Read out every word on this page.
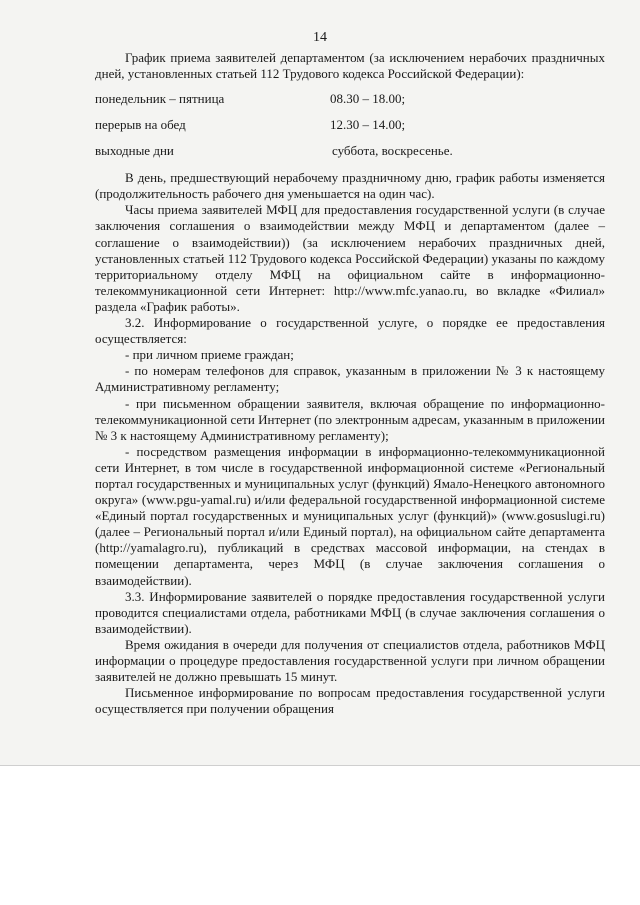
14

График приема заявителей департаментом (за исключением нерабочих праздничных дней, установленных статьей 112 Трудового кодекса Российской Федерации):

понедельник – пятница	08.30 – 18.00;
перерыв на обед	12.30 – 14.00;
выходные дни	суббота, воскресенье.

В день, предшествующий нерабочему праздничному дню, график работы изменяется (продолжительность рабочего дня уменьшается на один час).

Часы приема заявителей МФЦ для предоставления государственной услуги (в случае заключения соглашения о взаимодействии между МФЦ и департаментом (далее – соглашение о взаимодействии)) (за исключением нерабочих праздничных дней, установленных статьей 112 Трудового кодекса Российской Федерации) указаны по каждому территориальному отделу МФЦ на официальном сайте в информационно-телекоммуникационной сети Интернет: http://www.mfc.yanao.ru, во вкладке «Филиал» раздела «График работы».

3.2. Информирование о государственной услуге, о порядке ее предоставления осуществляется:

- при личном приеме граждан;

- по номерам телефонов для справок, указанным в приложении № 3 к настоящему Административному регламенту;

- при письменном обращении заявителя, включая обращение по информационно-телекоммуникационной сети Интернет (по электронным адресам, указанным в приложении № 3 к настоящему Административному регламенту);

- посредством размещения информации в информационно-телекоммуникационной сети Интернет, в том числе в государственной информационной системе «Региональный портал государственных и муниципальных услуг (функций) Ямало-Ненецкого автономного округа» (www.pgu-yamal.ru) и/или федеральной государственной информационной системе «Единый портал государственных и муниципальных услуг (функций)» (www.gosuslugi.ru) (далее – Региональный портал и/или Единый портал), на официальном сайте департамента (http://yamalagro.ru), публикаций в средствах массовой информации, на стендах в помещении департамента, через МФЦ (в случае заключения соглашения о взаимодействии).

3.3. Информирование заявителей о порядке предоставления государственной услуги проводится специалистами отдела, работниками МФЦ (в случае заключения соглашения о взаимодействии).

Время ожидания в очереди для получения от специалистов отдела, работников МФЦ информации о процедуре предоставления государственной услуги при личном обращении заявителей не должно превышать 15 минут.

Письменное информирование по вопросам предоставления государственной услуги осуществляется при получении обращения
